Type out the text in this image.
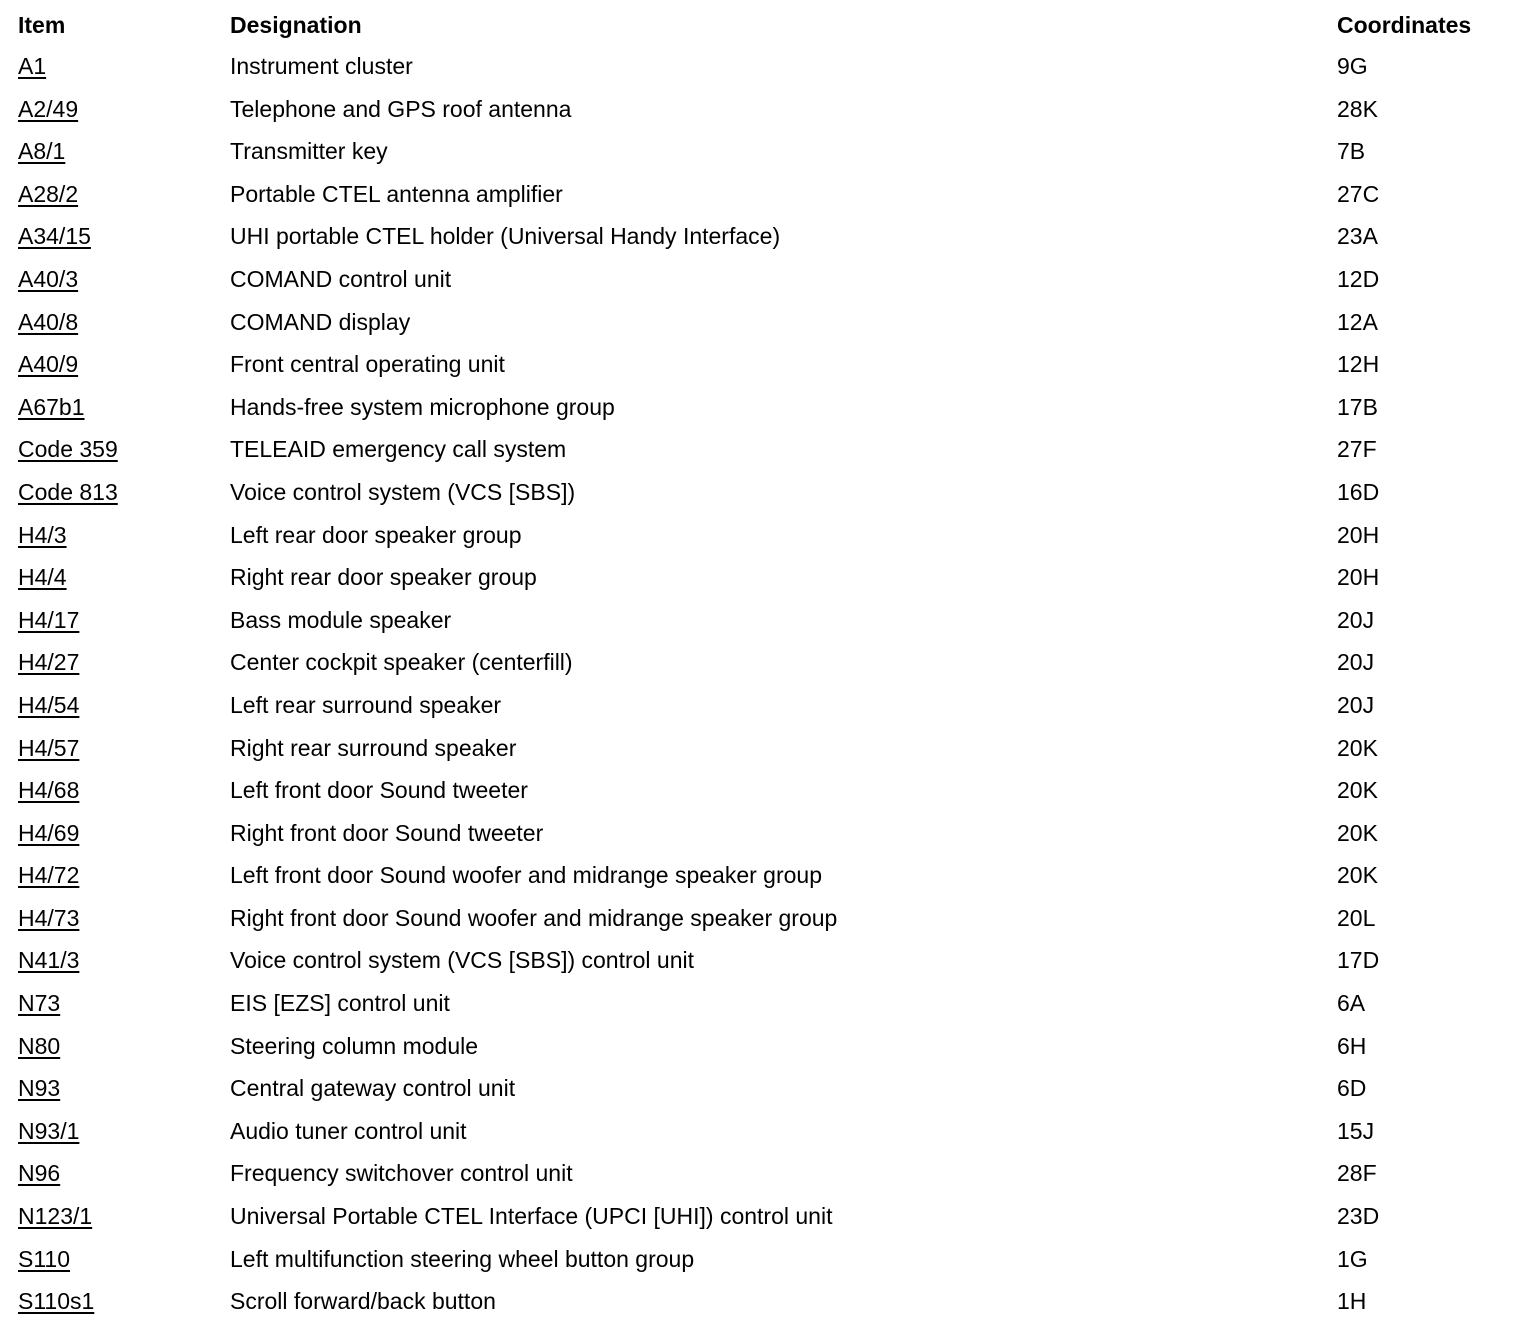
Item	Designation	Coordinates
A1	Instrument cluster	9G
A2/49	Telephone and GPS roof antenna	28K
A8/1	Transmitter key	7B
A28/2	Portable CTEL antenna amplifier	27C
A34/15	UHI portable CTEL holder (Universal Handy Interface)	23A
A40/3	COMAND control unit	12D
A40/8	COMAND display	12A
A40/9	Front central operating unit	12H
A67b1	Hands-free system microphone group	17B
Code 359	TELEAID emergency call system	27F
Code 813	Voice control system (VCS [SBS])	16D
H4/3	Left rear door speaker group	20H
H4/4	Right rear door speaker group	20H
H4/17	Bass module speaker	20J
H4/27	Center cockpit speaker (centerfill)	20J
H4/54	Left rear surround speaker	20J
H4/57	Right rear surround speaker	20K
H4/68	Left front door Sound tweeter	20K
H4/69	Right front door Sound tweeter	20K
H4/72	Left front door Sound woofer and midrange speaker group	20K
H4/73	Right front door Sound woofer and midrange speaker group	20L
N41/3	Voice control system (VCS [SBS]) control unit	17D
N73	EIS [EZS] control unit	6A
N80	Steering column module	6H
N93	Central gateway control unit	6D
N93/1	Audio tuner control unit	15J
N96	Frequency switchover control unit	28F
N123/1	Universal Portable CTEL Interface (UPCI [UHI]) control unit	23D
S110	Left multifunction steering wheel button group	1G
S110s1	Scroll forward/back button	1H
